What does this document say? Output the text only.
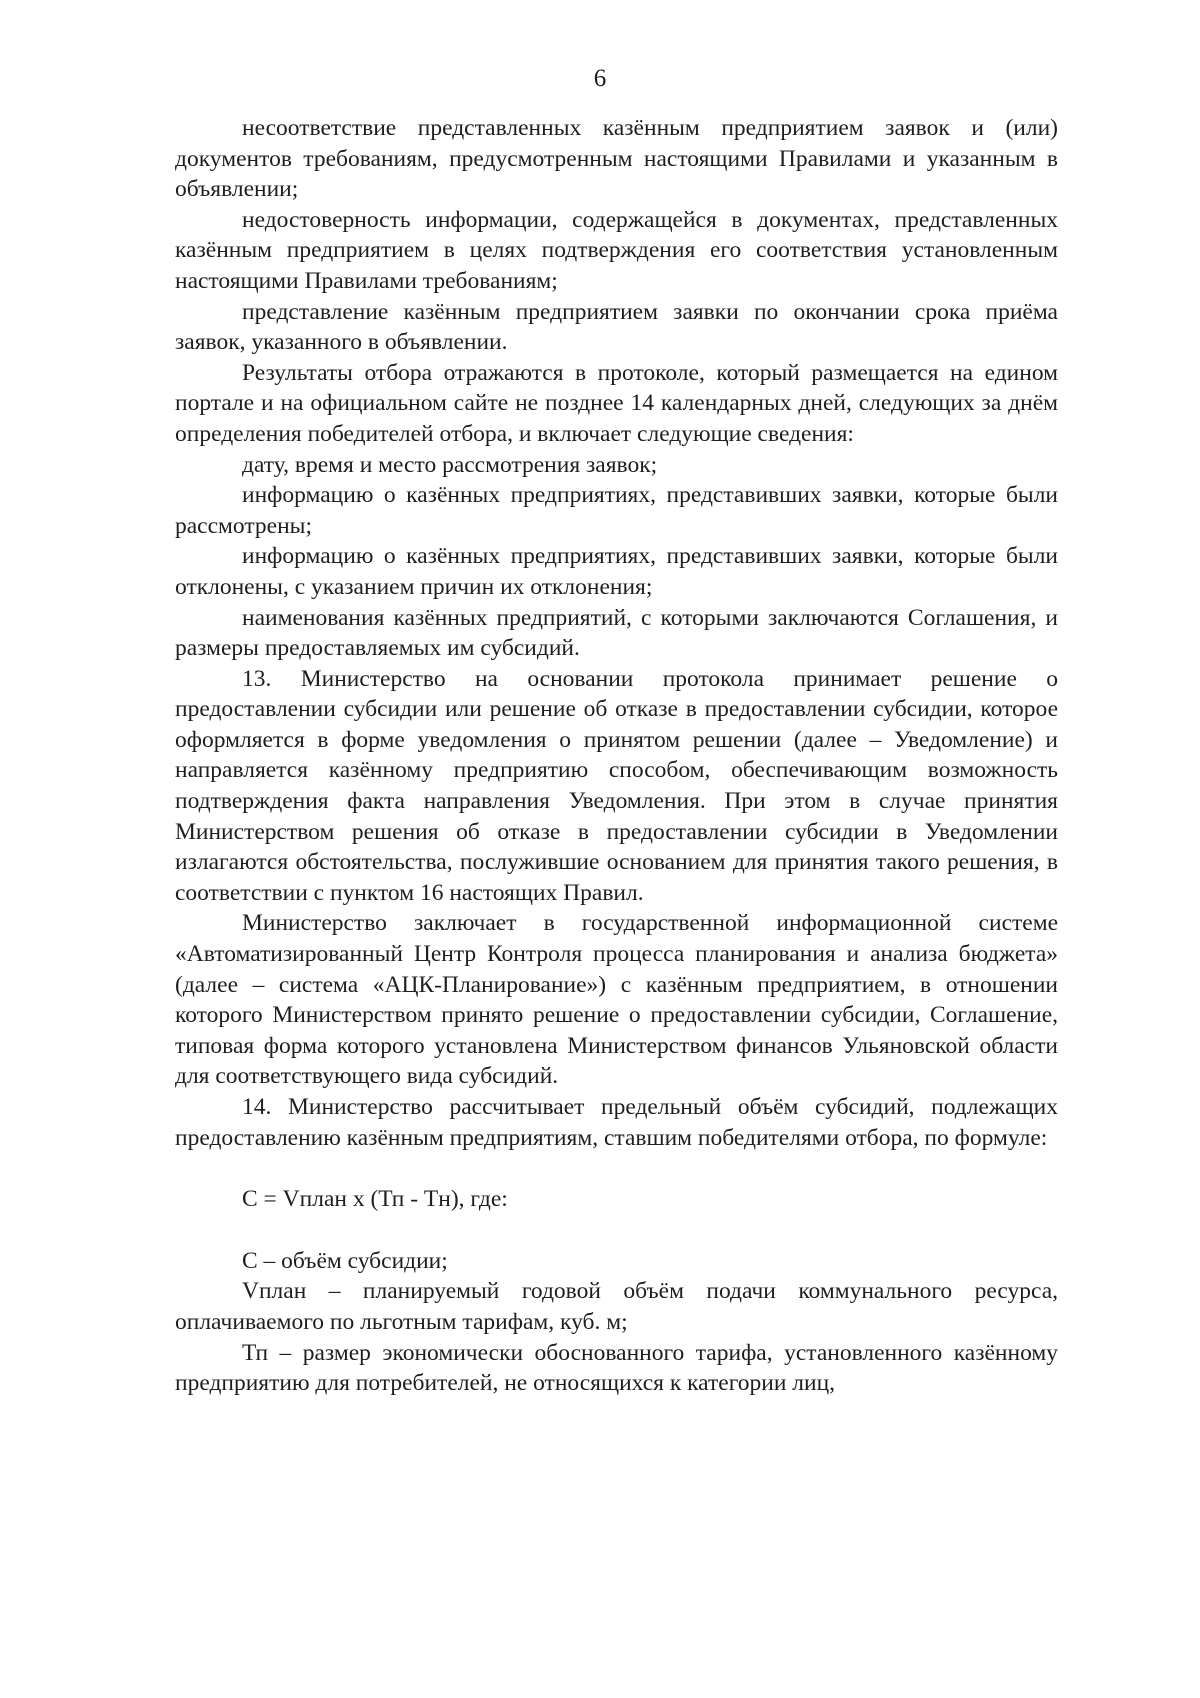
6

несоответствие представленных казённым предприятием заявок и (или) документов требованиям, предусмотренным настоящими Правилами и указанным в объявлении;

недостоверность информации, содержащейся в документах, представленных казённым предприятием в целях подтверждения его соответствия установленным настоящими Правилами требованиям;

представление казённым предприятием заявки по окончании срока приёма заявок, указанного в объявлении.

Результаты отбора отражаются в протоколе, который размещается на едином портале и на официальном сайте не позднее 14 календарных дней, следующих за днём определения победителей отбора, и включает следующие сведения:

дату, время и место рассмотрения заявок;

информацию о казённых предприятиях, представивших заявки, которые были рассмотрены;

информацию о казённых предприятиях, представивших заявки, которые были отклонены, с указанием причин их отклонения;

наименования казённых предприятий, с которыми заключаются Соглашения, и размеры предоставляемых им субсидий.

13. Министерство на основании протокола принимает решение о предоставлении субсидии или решение об отказе в предоставлении субсидии, которое оформляется в форме уведомления о принятом решении (далее – Уведомление) и направляется казённому предприятию способом, обеспечивающим возможность подтверждения факта направления Уведомления. При этом в случае принятия Министерством решения об отказе в предоставлении субсидии в Уведомлении излагаются обстоятельства, послужившие основанием для принятия такого решения, в соответствии с пунктом 16 настоящих Правил.

Министерство заключает в государственной информационной системе «Автоматизированный Центр Контроля процесса планирования и анализа бюджета» (далее – система «АЦК-Планирование») с казённым предприятием, в отношении которого Министерством принято решение о предоставлении субсидии, Соглашение, типовая форма которого установлена Министерством финансов Ульяновской области для соответствующего вида субсидий.

14. Министерство рассчитывает предельный объём субсидий, подлежащих предоставлению казённым предприятиям, ставшим победителями отбора, по формуле:

С = Vплан х (Тп - Тн), где:

С – объём субсидии;

Vплан – планируемый годовой объём подачи коммунального ресурса, оплачиваемого по льготным тарифам, куб. м;

Тп – размер экономически обоснованного тарифа, установленного казённому предприятию для потребителей, не относящихся к категории лиц,
